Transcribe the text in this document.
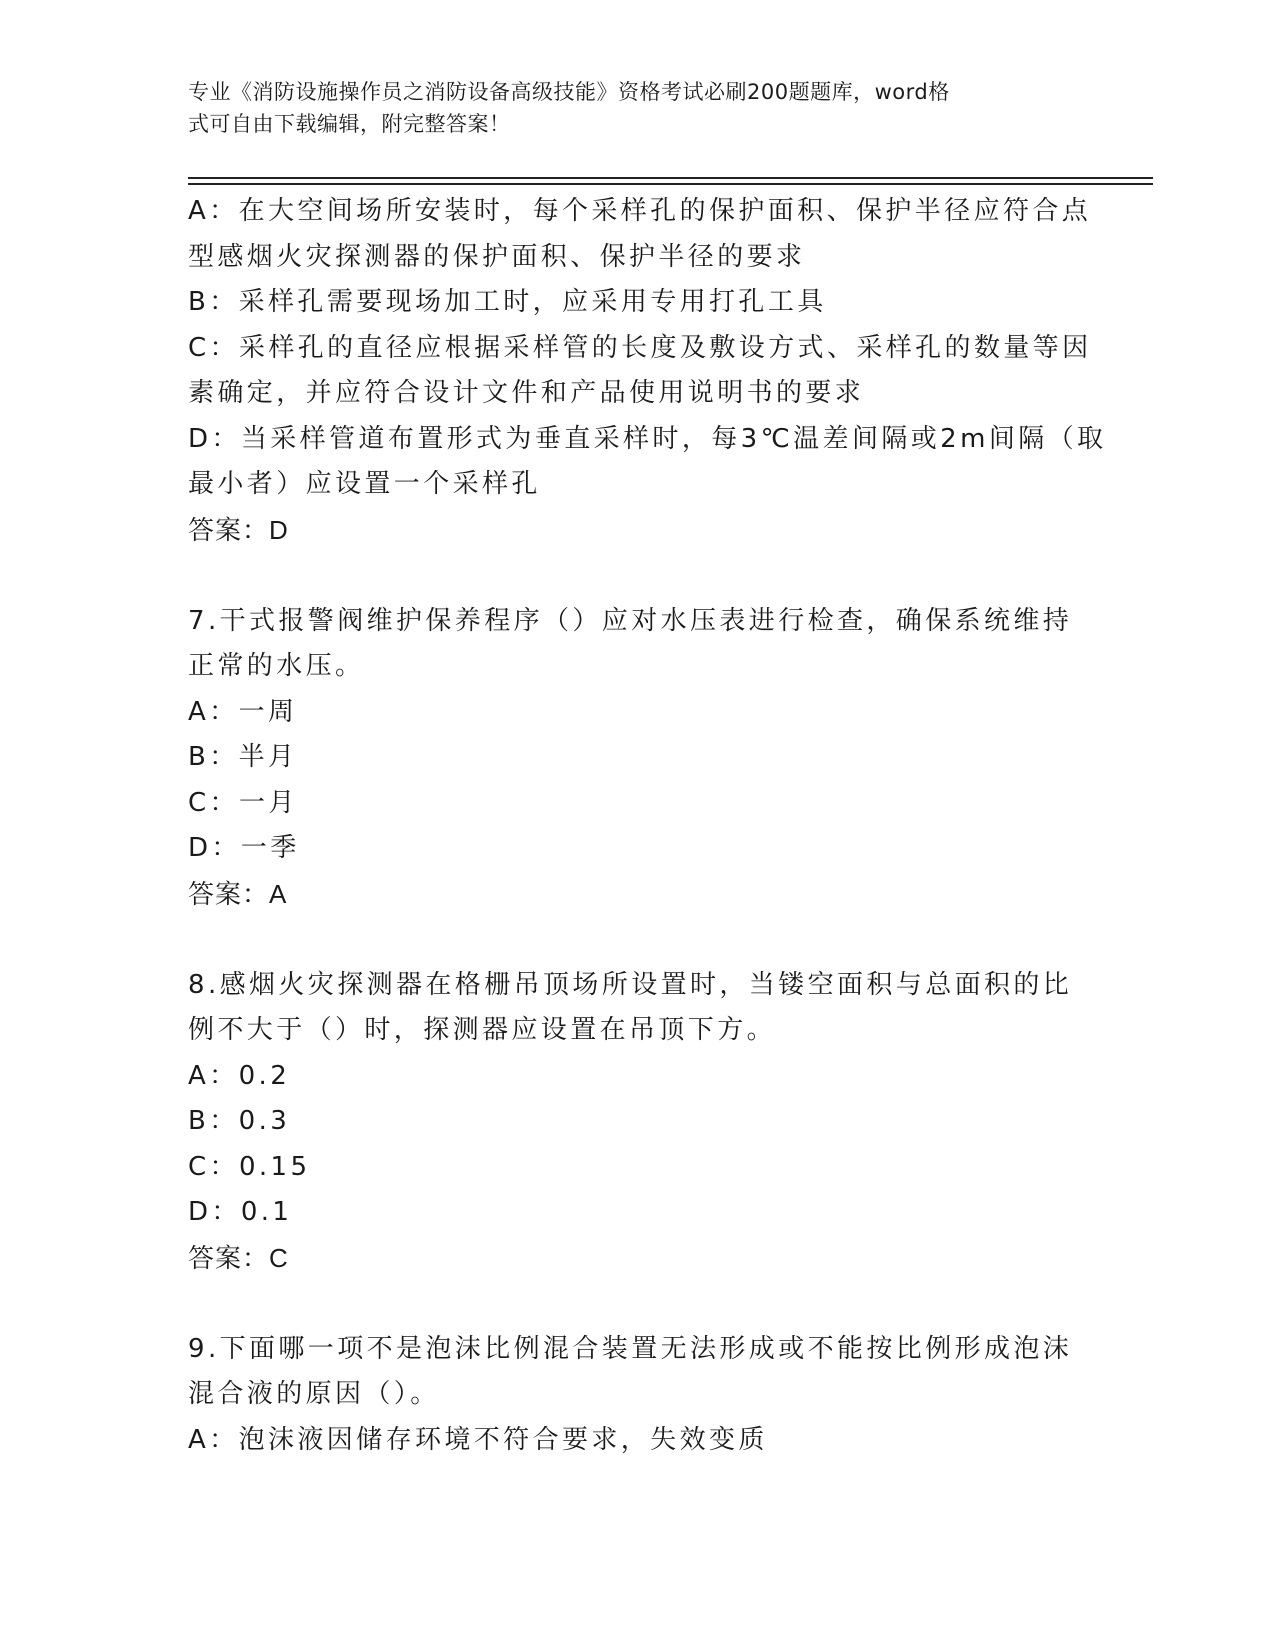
专业《消防设施操作员之消防设备高级技能》资格考试必刷200题题库，word格
式可自由下载编辑，附完整答案！
A：在大空间场所安装时，每个采样孔的保护面积、保护半径应符合点
型感烟火灾探测器的保护面积、保护半径的要求
B：采样孔需要现场加工时，应采用专用打孔工具
C：采样孔的直径应根据采样管的长度及敷设方式、采样孔的数量等因
素确定，并应符合设计文件和产品使用说明书的要求
D：当采样管道布置形式为垂直采样时，每3℃温差间隔或2m间隔（取
最小者）应设置一个采样孔
答案：D
7.干式报警阀维护保养程序（）应对水压表进行检查，确保系统维持
正常的水压。
A：一周
B：半月
C：一月
D：一季
答案：A
8.感烟火灾探测器在格栅吊顶场所设置时，当镂空面积与总面积的比
例不大于（）时，探测器应设置在吊顶下方。
A：0.2
B：0.3
C：0.15
D：0.1
答案：C
9.下面哪一项不是泡沫比例混合装置无法形成或不能按比例形成泡沫
混合液的原因（）。
A：泡沫液因储存环境不符合要求，失效变质
